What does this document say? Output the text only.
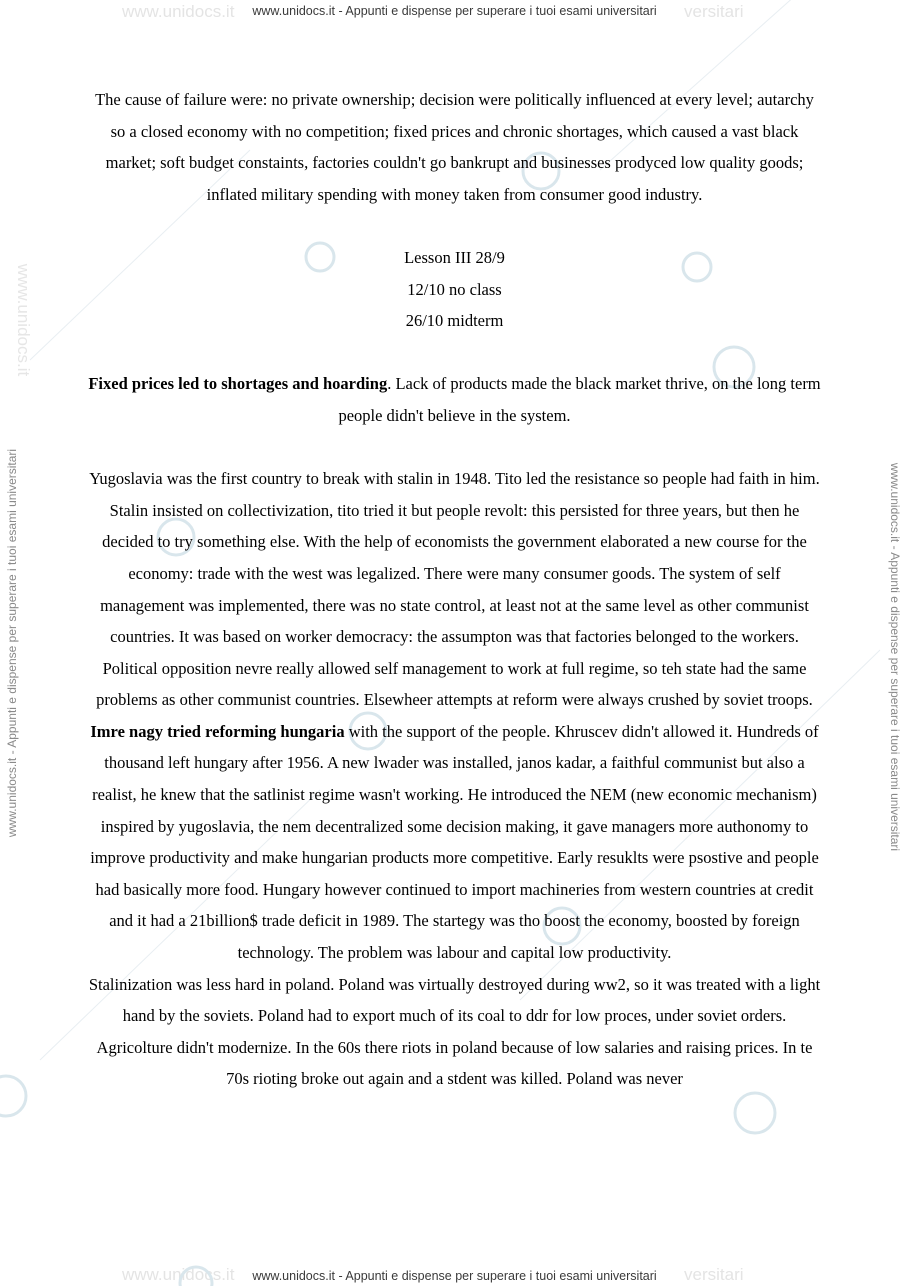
www.unidocs.it	versitari
www.unidocs.it - Appunti e dispense per superare i tuoi esami universitari
www.unidocs.it	versitari
www.unidocs.it - Appunti e dispense per superare i tuoi esami universitari
www.unidocs.it - Appunti e dispense per superare i tuoi esami universitari	www.unidocs.it - Appunti e dispense per superare i tuoi esami universitari
www.unidocs.it

The cause of failure were: no private ownership; decision were politically influenced at every level; autarchy so a closed economy with no competition; fixed prices and chronic shortages, which caused a vast black market; soft budget constaints, factories couldn't go bankrupt and businesses prodyced low quality goods; inflated military spending with money taken from consumer good industry.

Lesson III 28/9

12/10 no class

26/10 midterm

Fixed prices led to shortages and hoarding. Lack of products made the black market thrive, on the long term people didn't believe in the system.

Yugoslavia was the first country to break with stalin in 1948. Tito led the resistance so people had faith in him. Stalin insisted on collectivization, tito tried it but people revolt: this persisted for three years, but then he decided to try something else. With the help of economists the government elaborated a new course for the economy: trade with the west was legalized. There were many consumer goods. The system of self management was implemented, there was no state control, at least not at the same level as other communist countries. It was based on worker democracy: the assumpton was that factories belonged to the workers. Political opposition nevre really allowed self management to work at full regime, so teh state had the same problems as other communist countries. Elsewheer attempts at reform were always crushed by soviet troops. Imre nagy tried reforming hungaria with the support of the people. Khruscev didn't allowed it. Hundreds of thousand left hungary after 1956. A new lwader was installed, janos kadar, a faithful communist but also a realist, he knew that the satlinist regime wasn't working. He introduced the NEM (new economic mechanism) inspired by yugoslavia, the nem decentralized some decision making, it gave managers more authonomy to improve productivity and make hungarian products more competitive. Early resuklts were psostive and people had basically more food. Hungary however continued to import machineries from western countries at credit and it had a 21billion$ trade deficit in 1989. The startegy was tho boost the economy, boosted by foreign technology. The problem was labour and capital low productivity.

Stalinization was less hard in poland. Poland was virtually destroyed during ww2, so it was treated with a light hand by the soviets. Poland had to export much of its coal to ddr for low proces, under soviet orders. Agricolture didn't modernize. In the 60s there riots in poland because of low salaries and raising prices. In te 70s rioting broke out again and a stdent was killed. Poland was never
